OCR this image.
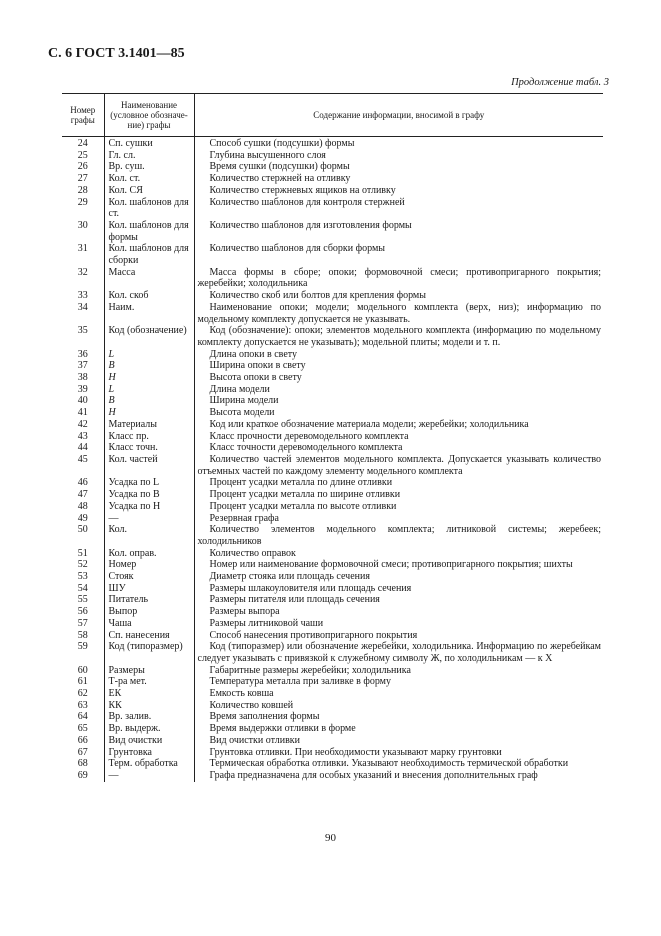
С. 6 ГОСТ 3.1401—85
Продолжение табл. 3
Номер графы	Наименование (условное обозначе-ние) графы	Содержание информации, вносимой в графу
24	Сп. сушки	Способ сушки (подсушки) формы
25	Гл. сл.	Глубина высушенного слоя
26	Вр. суш.	Время сушки (подсушки) формы
27	Кол. ст.	Количество стержней на отливку
28	Кол. СЯ	Количество стержневых ящиков на отливку
29	Кол. шаблонов для ст.	Количество шаблонов для контроля стержней
30	Кол. шаблонов для формы	Количество шаблонов для изготовления формы
31	Кол. шаблонов для сборки	Количество шаблонов для сборки формы
32	Масса	Масса формы в сборе; опоки; формовочной смеси; противопригарного покрытия; жеребейки; холодильника
33	Кол. скоб	Количество скоб или болтов для крепления формы
34	Наим.	Наименование опоки; модели; модельного комплекта (верх, низ); информацию по модельному комплекту допускается не указывать.
35	Код (обозначение)	Код (обозначение): опоки; элементов модельного комплекта (информацию по модельному комплекту допускается не указывать); модельной плиты; модели и т. п.
36	L	Длина опоки в свету
37	B	Ширина опоки в свету
38	H	Высота опоки в свету
39	L	Длина модели
40	B	Ширина модели
41	H	Высота модели
42	Материалы	Код или краткое обозначение материала модели; жеребейки; холодильника
43	Класс пр.	Класс прочности деревомодельного комплекта
44	Класс точн.	Класс точности деревомодельного комплекта
45	Кол. частей	Количество частей элементов модельного комплекта. Допускается указывать количество отъемных частей по каждому элементу модельного комплекта
46	Усадка по L	Процент усадки металла по длине отливки
47	Усадка по B	Процент усадки металла по ширине отливки
48	Усадка по H	Процент усадки металла по высоте отливки
49	—	Резервная графа
50	Кол.	Количество элементов модельного комплекта; литниковой системы; жеребеек; холодильников
51	Кол. оправ.	Количество оправок
52	Номер	Номер или наименование формовочной смеси; противопригарного покрытия; шихты
53	Стояк	Диаметр стояка или площадь сечения
54	ШУ	Размеры шлакоуловителя или площадь сечения
55	Питатель	Размеры питателя или площадь сечения
56	Выпор	Размеры выпора
57	Чаша	Размеры литниковой чаши
58	Сп. нанесения	Способ нанесения противопригарного покрытия
59	Код (типоразмер)	Код (типоразмер) или обозначение жеребейки, холодильника. Информацию по жеребейкам следует указывать с привязкой к служебному символу Ж, по холодильникам — к Х
60	Размеры	Габаритные размеры жеребейки; холодильника
61	Т-ра мет.	Температура металла при заливке в форму
62	ЕК	Емкость ковша
63	КК	Количество ковшей
64	Вр. залив.	Время заполнения формы
65	Вр. выдерж.	Время выдержки отливки в форме
66	Вид очистки	Вид очистки отливки
67	Грунтовка	Грунтовка отливки. При необходимости указывают марку грунтовки
68	Терм. обработка	Термическая обработка отливки. Указывают необходимость термической обработки
69	—	Графа предназначена для особых указаний и внесения дополнительных граф
90
